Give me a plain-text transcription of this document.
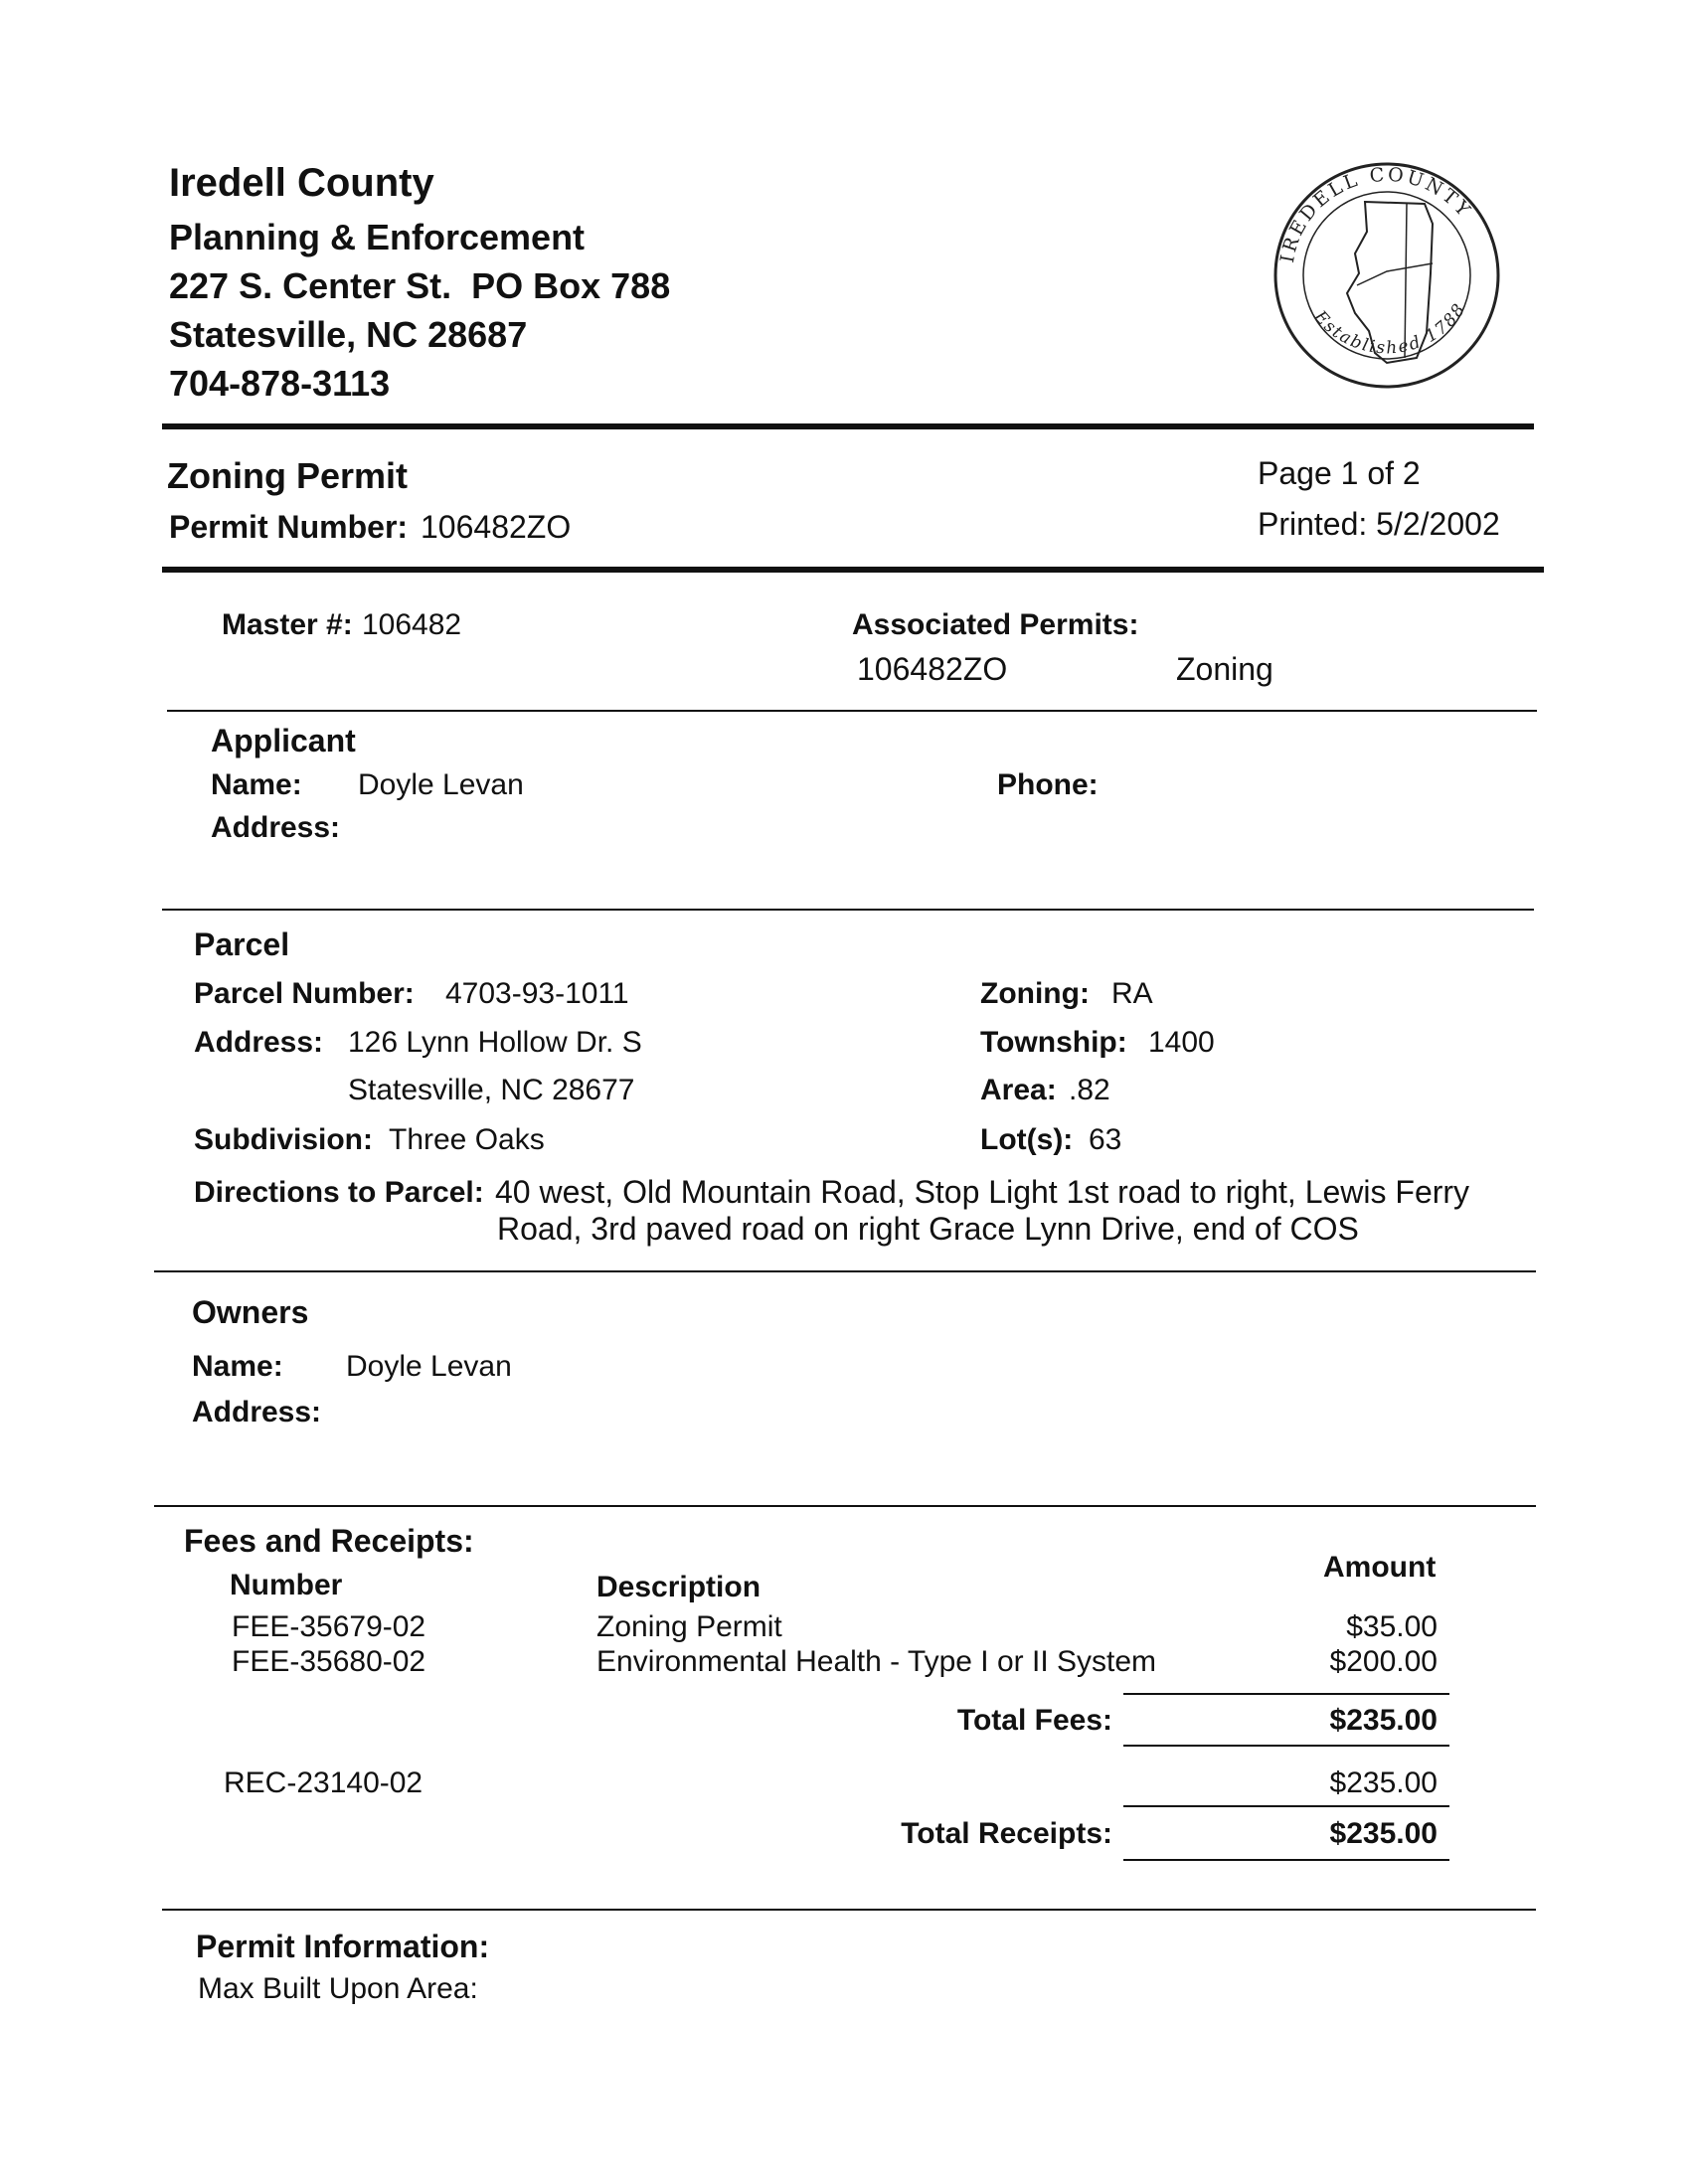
Iredell County
Planning & Enforcement
227 S. Center St.  PO Box 788
Statesville, NC 28687
704-878-3113
IREDELL COUNTY
Established 1788
Zoning Permit
Permit Number: 106482ZO
Page 1 of 2
Printed: 5/2/2002
Master #: 106482	Associated Permits:
106482ZO	Zoning
Applicant
Name: Doyle Levan
Address:
Phone:
Parcel
Parcel Number: 4703-93-1011
Address: 126 Lynn Hollow Dr. S
Statesville, NC 28677
Subdivision: Three Oaks
Zoning: RA
Township: 1400
Area: .82
Lot(s): 63
Directions to Parcel: 40 west, Old Mountain Road, Stop Light 1st road to right, Lewis Ferry
Road, 3rd paved road on right Grace Lynn Drive, end of COS
Owners
Name: Doyle Levan
Address:
Fees and Receipts:
Number	Description
Amount
FEE-35679-02	Zoning Permit	$35.00
FEE-35680-02	Environmental Health - Type I or II System	$200.00
Total Fees:	$235.00
REC-23140-02	$235.00
Total Receipts:	$235.00
Permit Information:
Max Built Upon Area:
